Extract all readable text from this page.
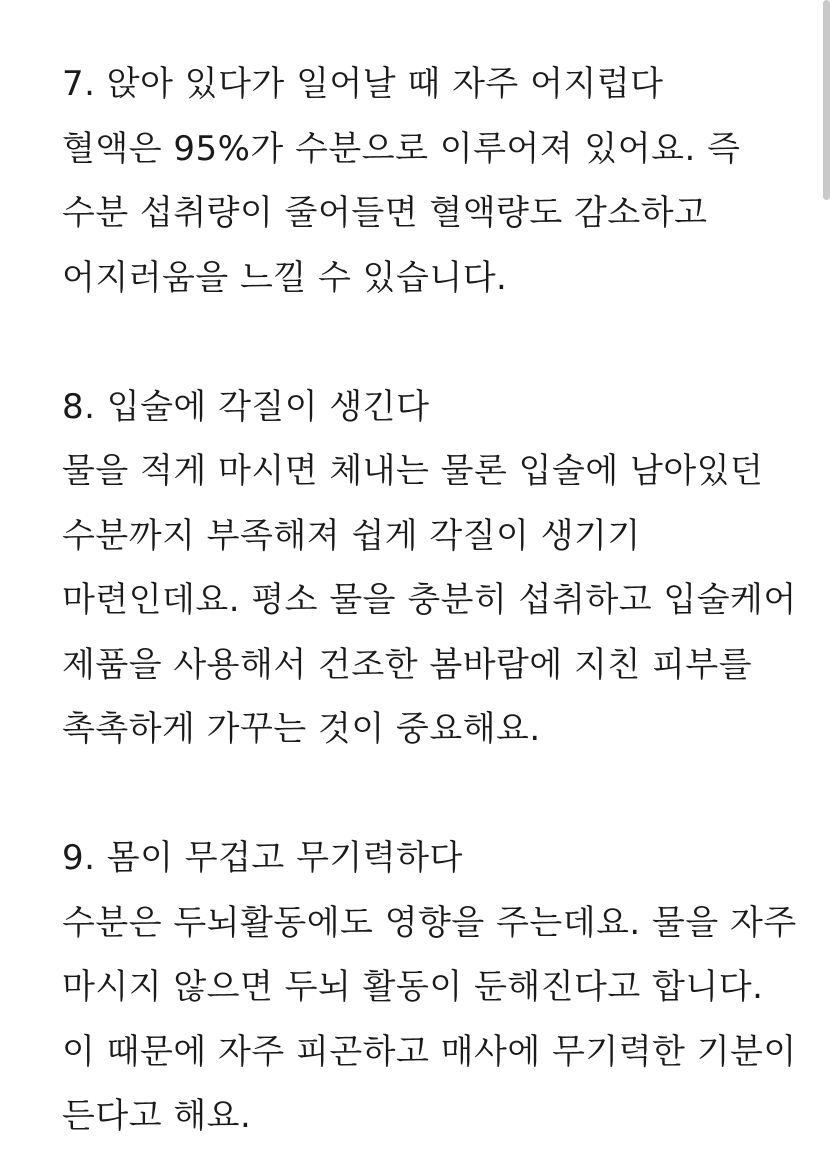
7. 앉아 있다가 일어날 때 자주 어지럽다
혈액은 95%가 수분으로 이루어져 있어요. 즉
수분 섭취량이 줄어들면 혈액량도 감소하고
어지러움을 느낄 수 있습니다.
8. 입술에 각질이 생긴다
물을 적게 마시면 체내는 물론 입술에 남아있던
수분까지 부족해져 쉽게 각질이 생기기
마련인데요. 평소 물을 충분히 섭취하고 입술케어
제품을 사용해서 건조한 봄바람에 지친 피부를
촉촉하게 가꾸는 것이 중요해요.
9. 몸이 무겁고 무기력하다
수분은 두뇌활동에도 영향을 주는데요. 물을 자주
마시지 않으면 두뇌 활동이 둔해진다고 합니다.
이 때문에 자주 피곤하고 매사에 무기력한 기분이
든다고 해요.
